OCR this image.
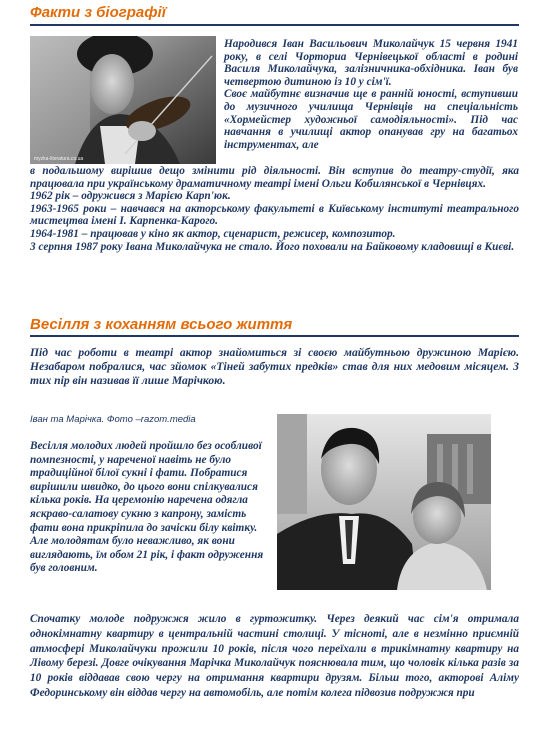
Факти з біографії
myzka-literatura.co.ua

Народився Іван Васильович Миколайчук 15 червня 1941 року, в селі Чорториа Чернівецької області в родині Василя Миколайчука, залізничника-обхідника. Іван був четвертою дитиною із 10 у сім'ї.

Своє майбутнє визначив ще в ранній юності, вступивши до музичного училища Чернівців на спеціальність «Хормейстер художньої самодіяльності». Під час навчання в училищі актор опанував гру на багатьох інструментах, але

в подальшому вирішив дещо змінити рід діяльності. Він вступив до театру-студії, яка працювала при українському драматичному театрі імені Ольги Кобилянської в Чернівцях.

1962 рік – одружився з Марією Карп'юк.

1963-1965 роки – навчався на акторському факультеті в Київському інституті театрального мистецтва імені І. Карпенка-Карого.

1964-1981 – працював у кіно як актор, сценарист, режисер, композитор.

3 серпня 1987 року Івана Миколайчука не стало. Його поховали на Байковому кладовищі в Києві.

Весілля з коханням всього життя

Під час роботи в театрі актор знайомиться зі своєю майбутньою дружиною Марією. Незабаром побралися, час зйомок «Тіней забутих предків» став для них медовим місяцем. З тих пір він називав її лише Марічкою.

Іван та Марічка. Фото –razom.media

Весілля молодих людей пройшло без особливої помпезності, у нареченої навіть не було традиційної білої сукні і фати. Побратися вирішили швидко, до цього вони спілкувалися кілька років. На церемонію наречена одягла яскраво-салатову сукню з капрону, замість фати вона прикріпила до зачіски білу квітку. Але молодятам було неважливо, як вони виглядають, їм обом 21 рік, і факт одруження був головним.

Спочатку молоде подружжя жило в гуртожитку. Через деякий час сім'я отримала однокімнатну квартиру в центральній частині столиці. У тісноті, але в незмінно приємній атмосфері Миколайчуки прожили 10 років, після чого переїхали в трикімнатну квартиру на Лівому березі. Довге очікування Марічка Миколайчук пояснювала тим, що чоловік кілька разів за 10 років віддавав свою чергу на отримання квартири друзям. Більш того, акторові Аліму Федоринському він віддав чергу на автомобіль, але потім колега підвозив подружжя при
